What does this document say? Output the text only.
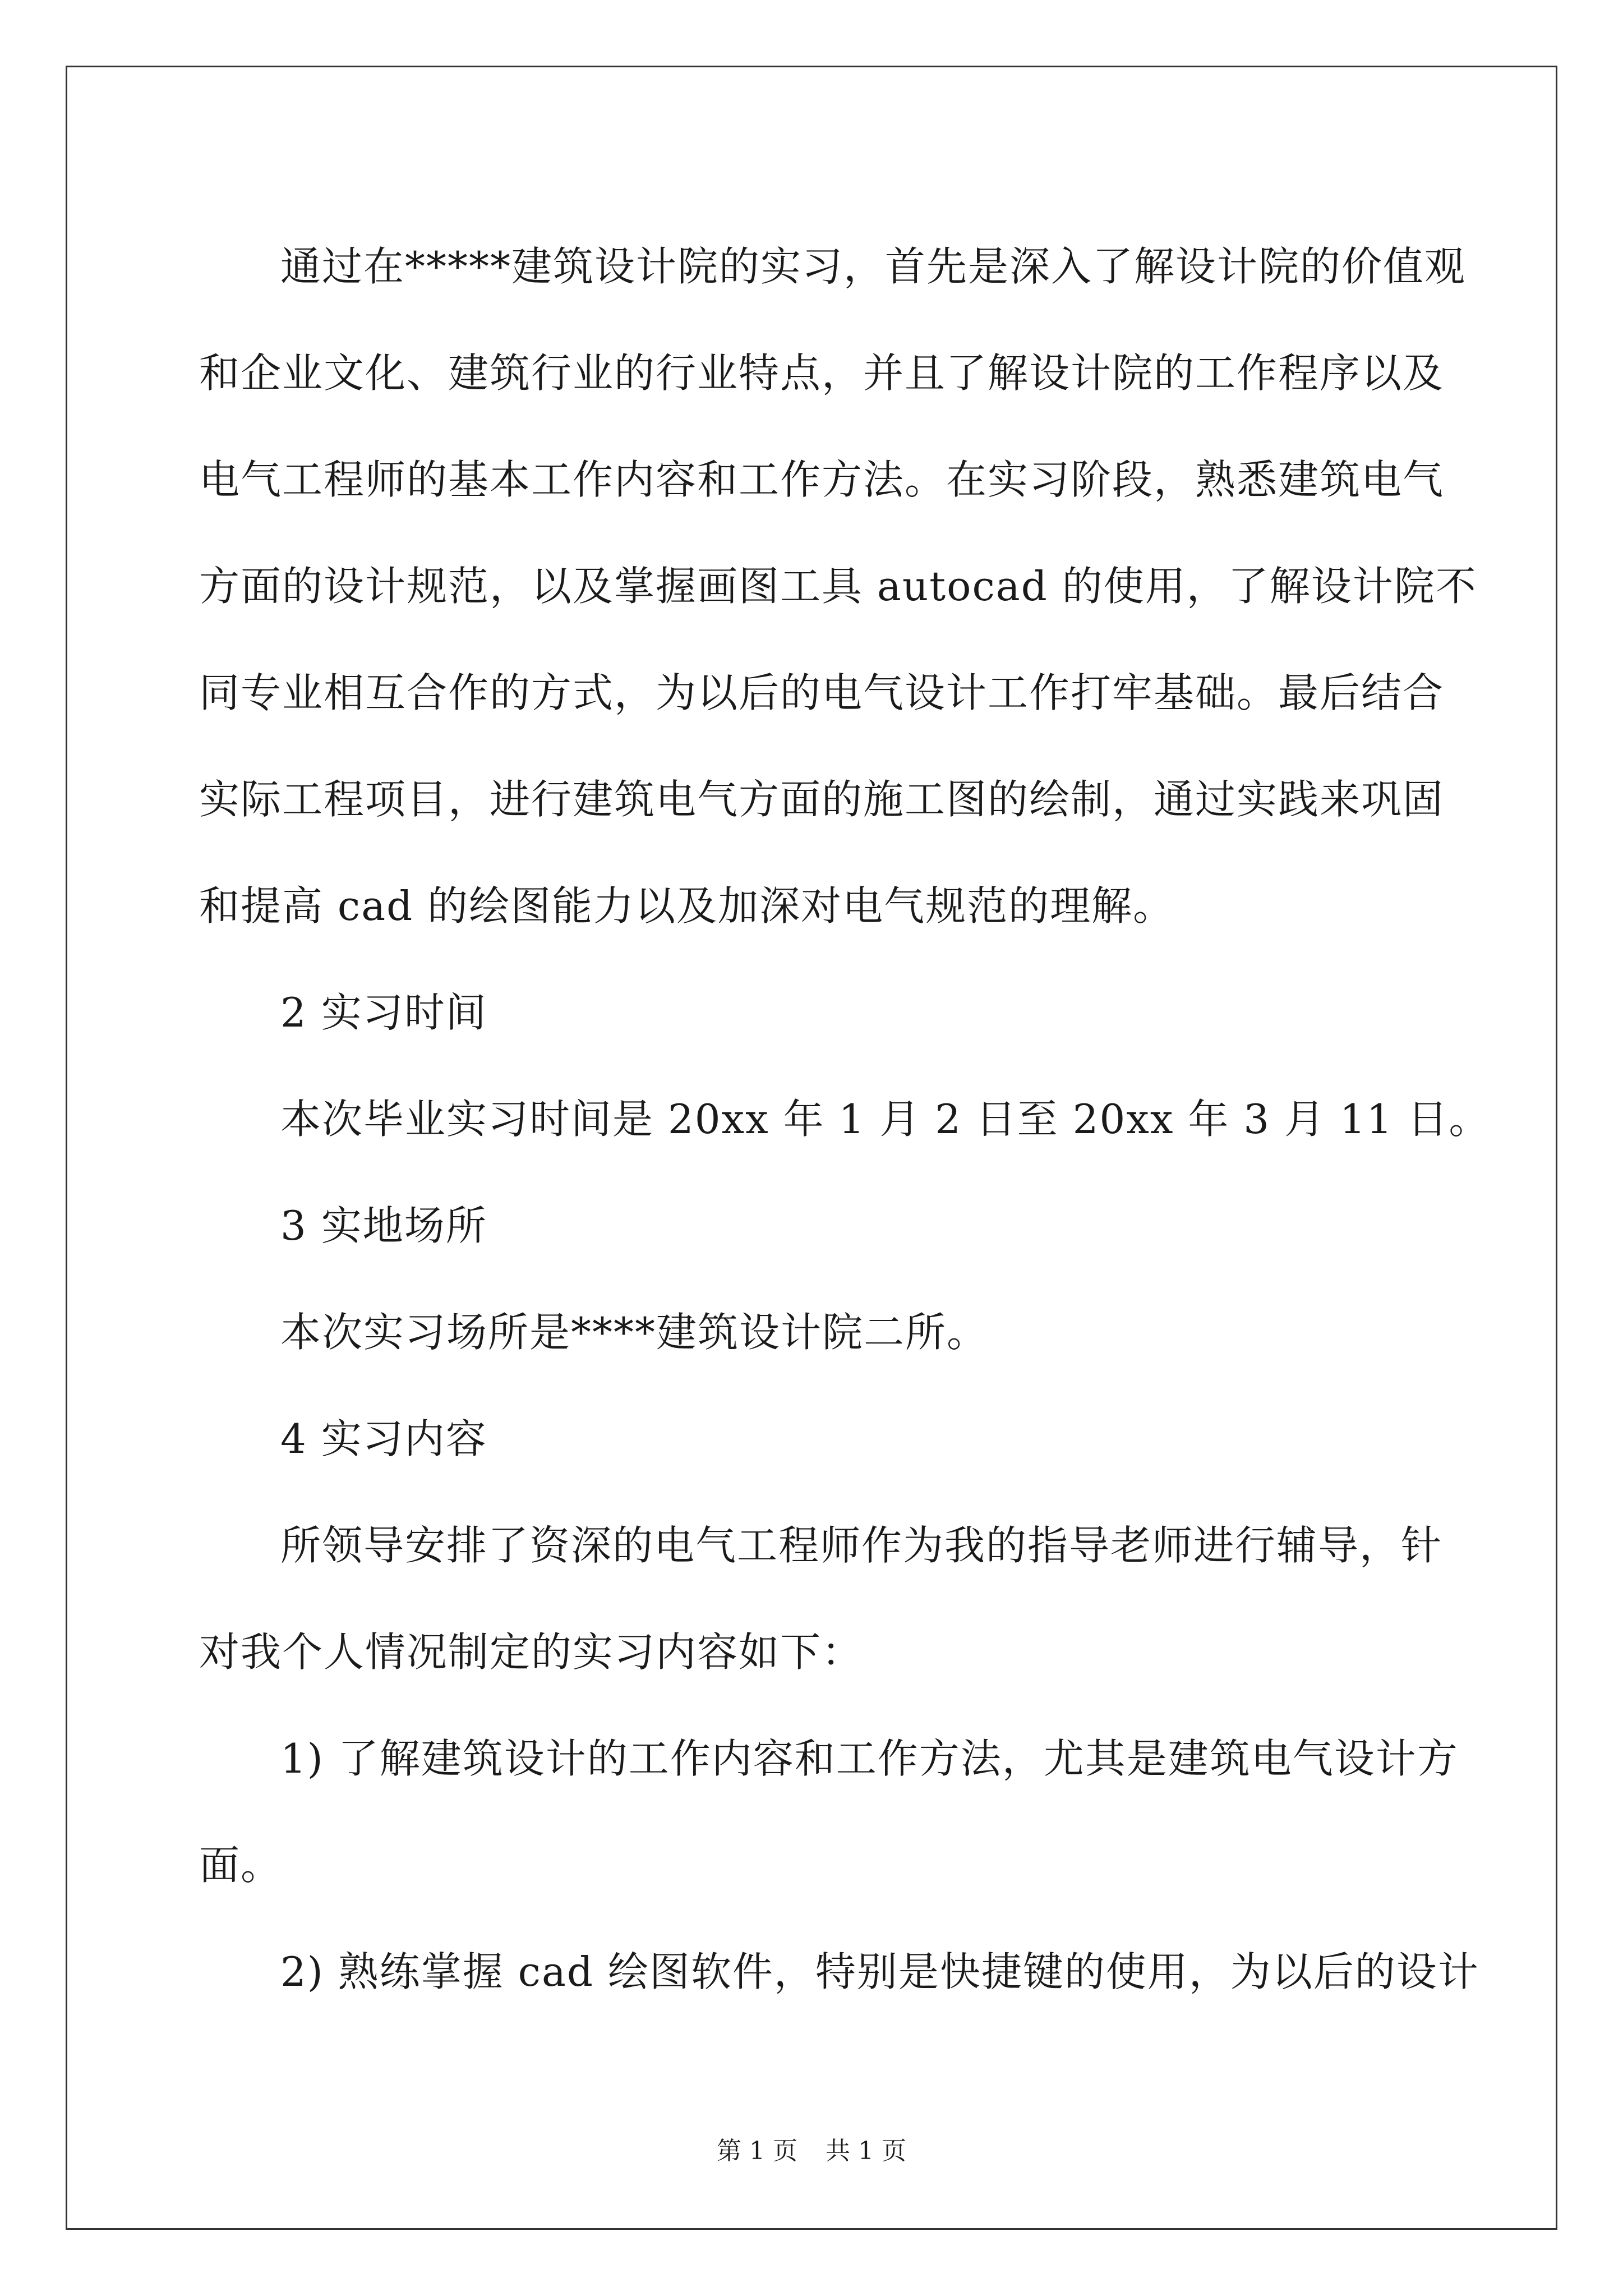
通过在*****建筑设计院的实习，首先是深入了解设计院的价值观
和企业文化、建筑行业的行业特点，并且了解设计院的工作程序以及
电气工程师的基本工作内容和工作方法。在实习阶段，熟悉建筑电气
方面的设计规范，以及掌握画图工具 autocad 的使用，了解设计院不
同专业相互合作的方式，为以后的电气设计工作打牢基础。最后结合
实际工程项目，进行建筑电气方面的施工图的绘制，通过实践来巩固
和提高 cad 的绘图能力以及加深对电气规范的理解。
2 实习时间
本次毕业实习时间是 20xx 年 1 月 2 日至 20xx 年 3 月 11 日。
3 实地场所
本次实习场所是****建筑设计院二所。
4 实习内容
所领导安排了资深的电气工程师作为我的指导老师进行辅导，针
对我个人情况制定的实习内容如下：
1) 了解建筑设计的工作内容和工作方法，尤其是建筑电气设计方
面。
2) 熟练掌握 cad 绘图软件，特别是快捷键的使用，为以后的设计
第 1 页 共 1 页
